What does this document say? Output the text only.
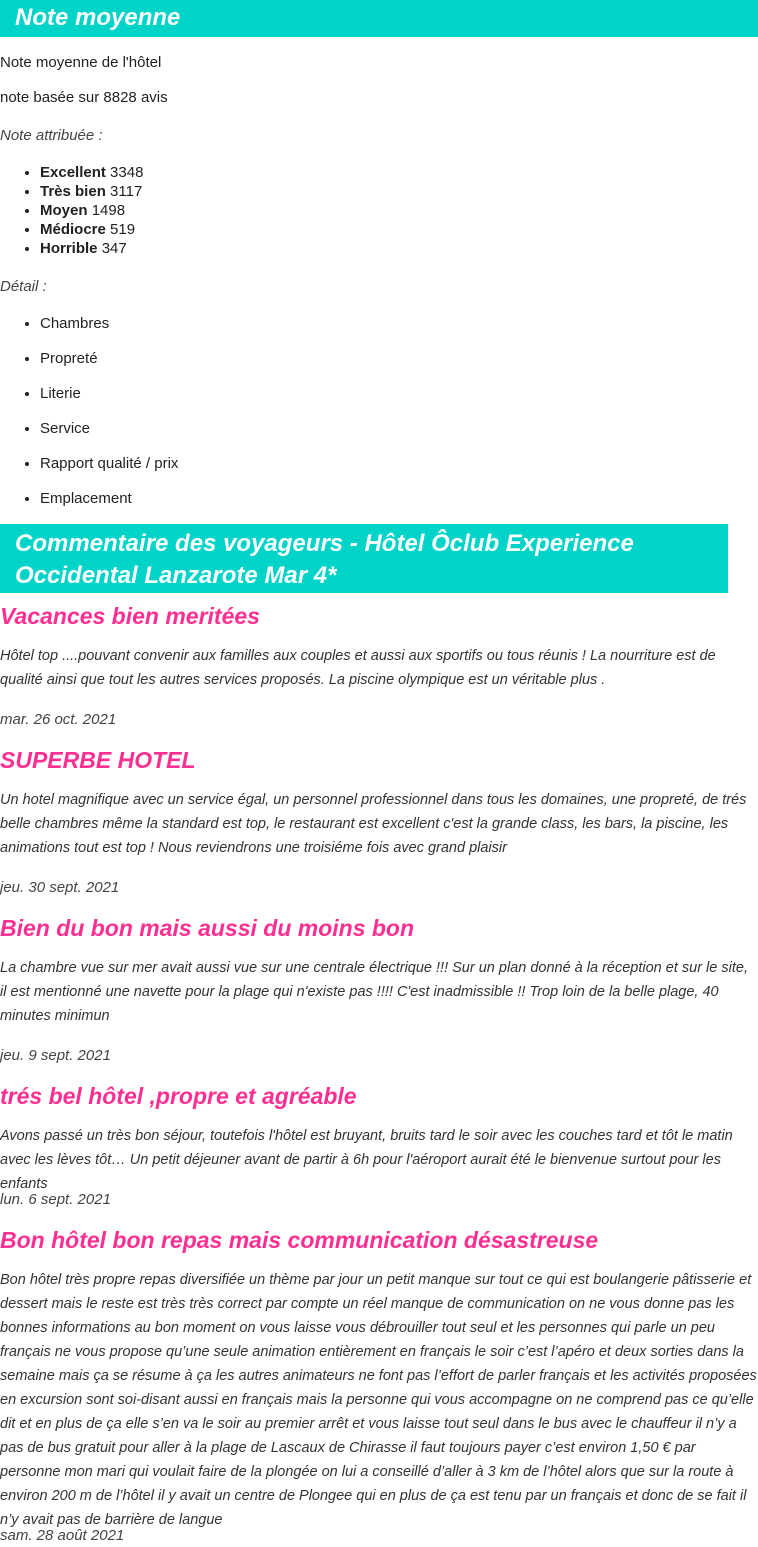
Note moyenne

Note moyenne de l'hôtel

note basée sur 8828 avis

Note attribuée :

• Excellent 3348
• Très bien 3117
• Moyen 1498
• Médiocre 519
• Horrible 347

Détail :

• Chambres
• Propreté
• Literie
• Service
• Rapport qualité / prix
• Emplacement
Commentaire des voyageurs - Hôtel Ôclub Experience Occidental Lanzarote Mar 4*
Vacances bien meritées

Hôtel top ....pouvant convenir aux familles aux couples et aussi aux sportifs ou tous réunis ! La nourriture est de qualité ainsi que tout les autres services proposés. La piscine olympique est un véritable plus .

mar. 26 oct. 2021

SUPERBE HOTEL

Un hotel magnifique avec un service égal, un personnel professionnel dans tous les domaines, une propreté, de trés belle chambres même la standard est top, le restaurant est excellent c'est la grande class, les bars, la piscine, les animations tout est top ! Nous reviendrons une troisiéme fois avec grand plaisir

jeu. 30 sept. 2021

Bien du bon mais aussi du moins bon

La chambre vue sur mer avait aussi vue sur une centrale électrique !!! Sur un plan donné à la réception et sur le site, il est mentionné une navette pour la plage qui n'existe pas !!!! C'est inadmissible !! Trop loin de la belle plage, 40 minutes minimun

jeu. 9 sept. 2021

trés bel hôtel ,propre et agréable

Avons passé un très bon séjour, toutefois l'hôtel est bruyant, bruits tard le soir avec les couches tard et tôt le matin avec les lèves tôt… Un petit déjeuner avant de partir à 6h pour l'aéroport aurait été le bienvenue surtout pour les enfants

lun. 6 sept. 2021

Bon hôtel bon repas mais communication désastreuse

Bon hôtel très propre repas diversifiée un thème par jour un petit manque sur tout ce qui est boulangerie pâtisserie et dessert mais le reste est très très correct par compte un réel manque de communication on ne vous donne pas les bonnes informations au bon moment on vous laisse vous débrouiller tout seul et les personnes qui parle un peu français ne vous propose qu’une seule animation entièrement en français le soir c’est l’apéro et deux sorties dans la semaine mais ça se résume à ça les autres animateurs ne font pas l’effort de parler français et les activités proposées en excursion sont soi-disant aussi en français mais la personne qui vous accompagne on ne comprend pas ce qu’elle dit et en plus de ça elle s’en va le soir au premier arrêt et vous laisse tout seul dans le bus avec le chauffeur il n’y a pas de bus gratuit pour aller à la plage de Lascaux de Chirasse il faut toujours payer c’est environ 1,50 € par personne mon mari qui voulait faire de la plongée on lui a conseillé d’aller à 3 km de l’hôtel alors que sur la route à environ 200 m de l’hôtel il y avait un centre de Plongee qui en plus de ça est tenu par un français et donc de se fait il n’y avait pas de barrière de langue

sam. 28 août 2021
